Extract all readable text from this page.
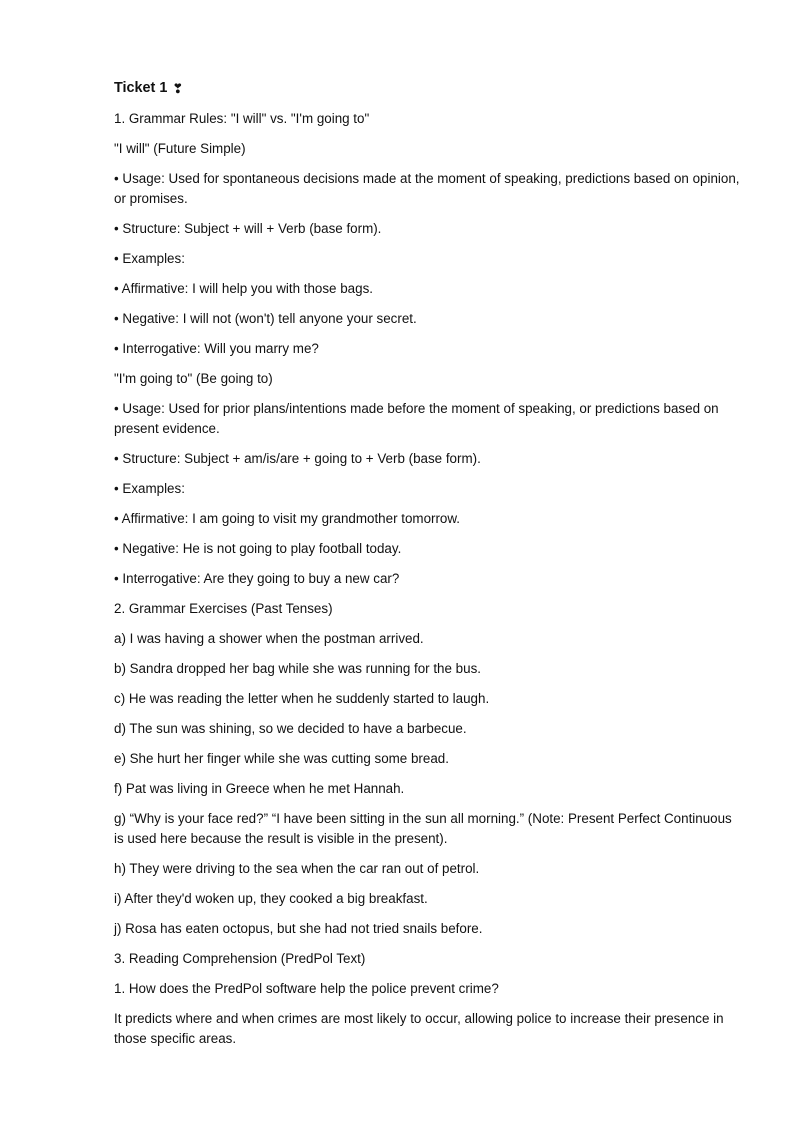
Ticket 1 ❣

1. Grammar Rules: "I will" vs. "I'm going to"

"I will" (Future Simple)

• Usage: Used for spontaneous decisions made at the moment of speaking, predictions based on opinion, or promises.

• Structure: Subject + will + Verb (base form).

• Examples:

• Affirmative: I will help you with those bags.

• Negative: I will not (won't) tell anyone your secret.

• Interrogative: Will you marry me?

"I'm going to" (Be going to)

• Usage: Used for prior plans/intentions made before the moment of speaking, or predictions based on present evidence.

• Structure: Subject + am/is/are + going to + Verb (base form).

• Examples:

• Affirmative: I am going to visit my grandmother tomorrow.

• Negative: He is not going to play football today.

• Interrogative: Are they going to buy a new car?

2. Grammar Exercises (Past Tenses)

a) I was having a shower when the postman arrived.

b) Sandra dropped her bag while she was running for the bus.

c) He was reading the letter when he suddenly started to laugh.

d) The sun was shining, so we decided to have a barbecue.

e) She hurt her finger while she was cutting some bread.

f) Pat was living in Greece when he met Hannah.

g) “Why is your face red?” “I have been sitting in the sun all morning.” (Note: Present Perfect Continuous is used here because the result is visible in the present).

h) They were driving to the sea when the car ran out of petrol.

i) After they'd woken up, they cooked a big breakfast.

j) Rosa has eaten octopus, but she had not tried snails before.

3. Reading Comprehension (PredPol Text)

1. How does the PredPol software help the police prevent crime?

It predicts where and when crimes are most likely to occur, allowing police to increase their presence in those specific areas.
